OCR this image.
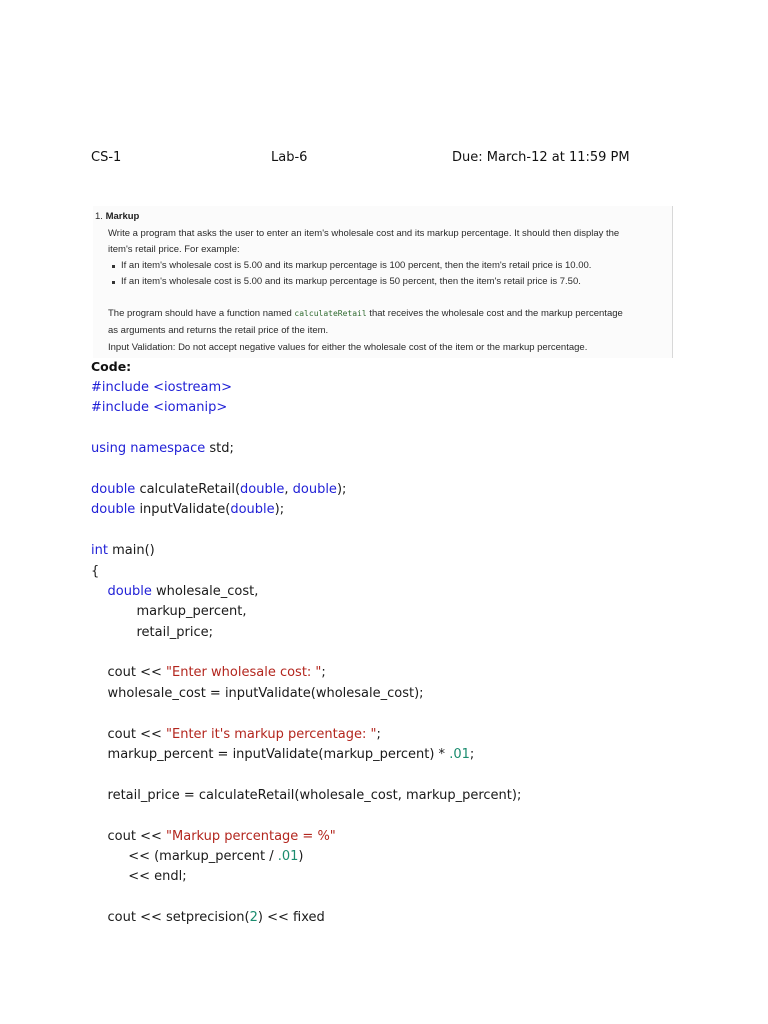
CS-1	Lab-6	Due: March-12 at 11:59 PM
1. Markup
Write a program that asks the user to enter an item's wholesale cost and its markup percentage. It should then display the
item's retail price. For example:
If an item's wholesale cost is 5.00 and its markup percentage is 100 percent, then the item's retail price is 10.00.
If an item's wholesale cost is 5.00 and its markup percentage is 50 percent, then the item's retail price is 7.50.
The program should have a function named calculateRetail that receives the wholesale cost and the markup percentage
as arguments and returns the retail price of the item.
Input Validation: Do not accept negative values for either the wholesale cost of the item or the markup percentage.
Code:
#include <iostream>
#include <iomanip>
using namespace std;
double calculateRetail(double, double);
double inputValidate(double);
int main()
{
double wholesale_cost,
markup_percent,
retail_price;
cout << "Enter wholesale cost: ";
wholesale_cost = inputValidate(wholesale_cost);
cout << "Enter it's markup percentage: ";
markup_percent = inputValidate(markup_percent) * .01;
retail_price = calculateRetail(wholesale_cost, markup_percent);
cout << "Markup percentage = %"
<< (markup_percent / .01)
<< endl;
cout << setprecision(2) << fixed
